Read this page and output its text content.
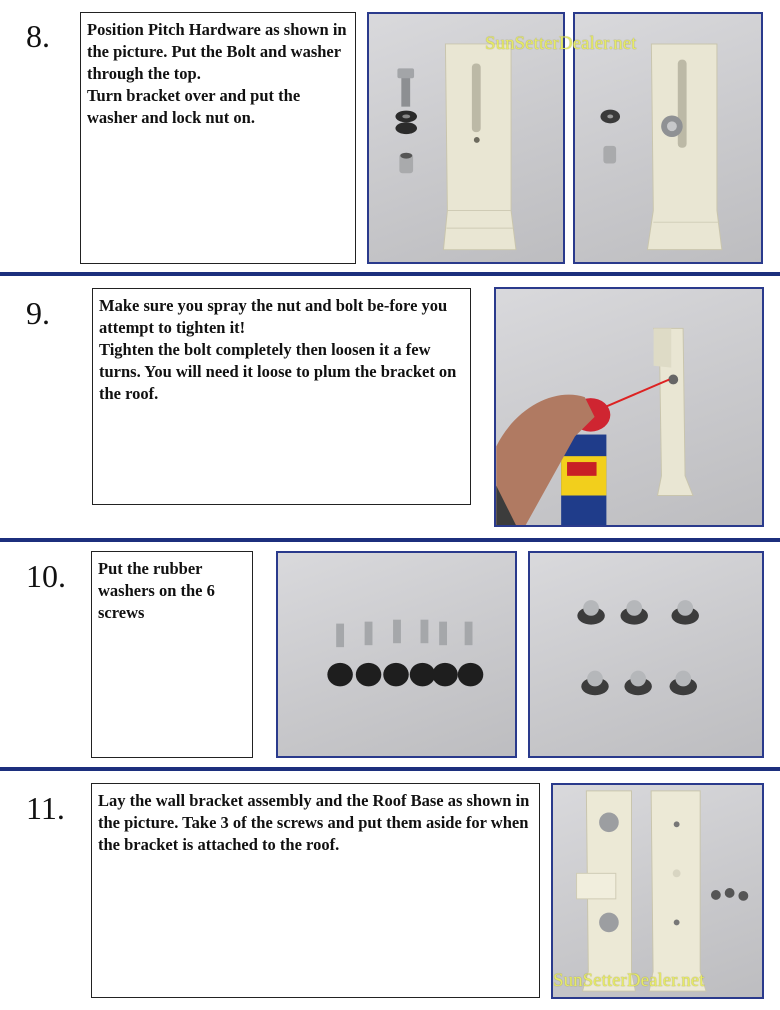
8.	Position Pitch Hardware as shown in the picture. Put the Bolt and washer through the top.
Turn bracket over and put the washer and lock nut on.
SunSetterDealer.net
9.	Make sure you spray the nut and bolt be-fore you attempt to tighten it!
Tighten the bolt completely then loosen it a few turns. You will need it loose to plum the bracket on the roof.
10.	Put the rubber washers on the 6 screws
11.	Lay the wall bracket assembly and the Roof Base as shown in the picture. Take 3 of the screws and put them aside for when the bracket is attached to the roof.
SunSetterDealer.net
